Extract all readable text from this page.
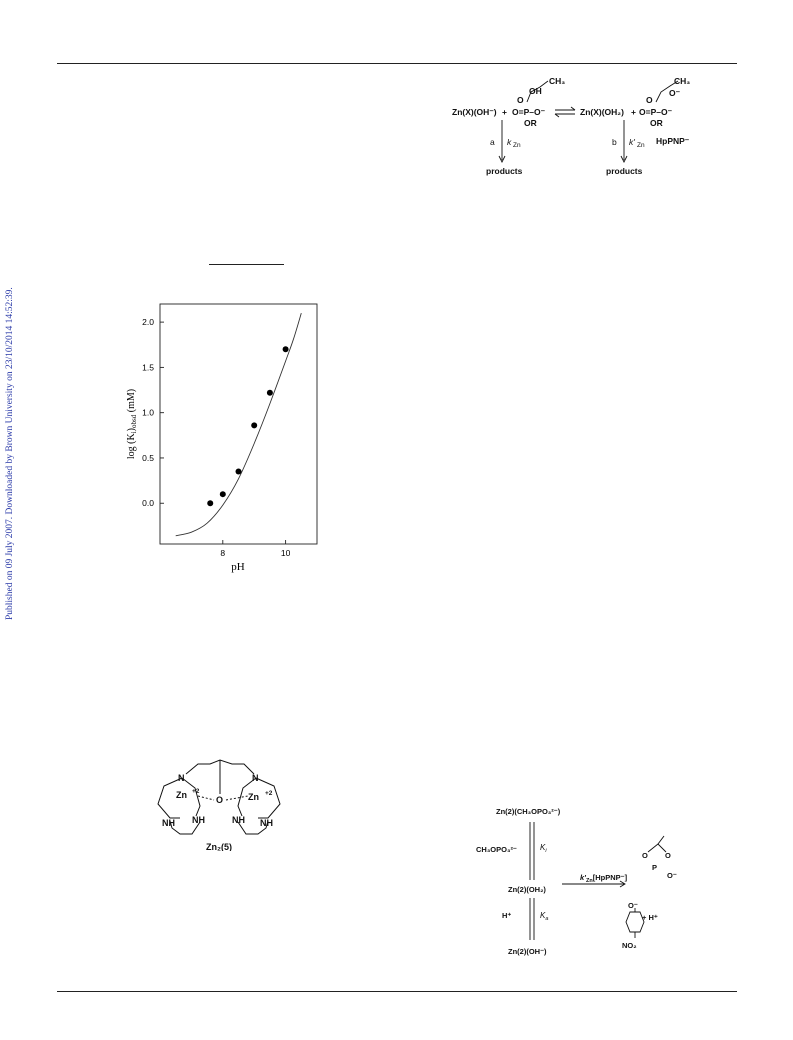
Published on 09 July 2007. Downloaded by Brown University on 23/10/2014 14:52:39.
Zn(X)(OH⁻) + O=P–O⁻
O
OR
OH
CH₃
Zn(X)(OH₂) + O=P–O⁻
O
OR
CH₃
O⁻
HpPNP⁻
products	products
a k Zn	b k' Zn
0.0
0.5
1.0
1.5
2.0
8	10
pH
$\log (K_i)_{obsd}$ (mM)
N	N
Zn +2
Zn +2
O
NH NH	NH NH
Zn₂(5)
Zn(2)(CH₃OPO₃²⁻)
CH₃OPO₃²⁻
Zn(2)(OH₂)
H⁺
Zn(2)(OH⁻)
+ H⁺
NO₂
O⁻
$k'_{Zn}[HpPNP^-]$
O O
P
O⁻
$K_i$
$K_a$
